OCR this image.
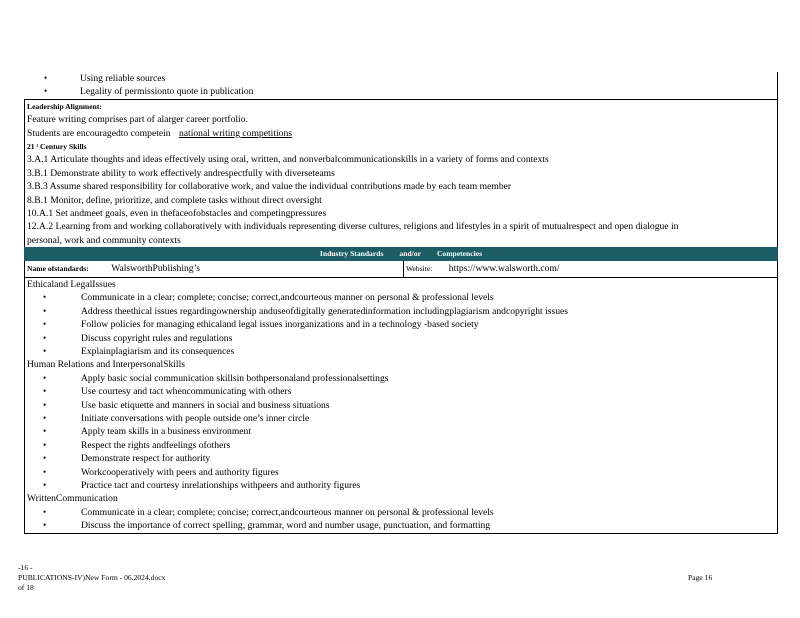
•	Using reliable sources
•	Legality of permissionto quote in publication
Leadership Alignment:
Feature writing comprises part of alarger career portfolio.
Students are encouragedto competein national writing competitions
21 ᵗ Century Skills
3.A.1 Articulate thoughts and ideas effectively using oral, written, and nonverbalcommunicationskills in a variety of forms and contexts
3.B.1 Demonstrate ability to work effectively andrespectfully with diverseteams
3.B.3 Assume shared responsibility for collaborative work, and value the individual contributions made by each team member
8.B.1 Monitor, define, prioritize, and complete tasks without direct oversight
10.A.1 Set andmeet goals, even in thefaceofobstacles and competingpressures
12.A.2 Learning from and working collaboratively with individuals representing diverse cultures, religions and lifestyles in a spirit of mutualrespect and open dialogue in
personal, work and community contexts
Industry Standards and/or Competencies
Name ofstandards: WalsworthPublishing’s	Website: https://www.walsworth.com/
Ethicaland LegalIssues
•	Communicate in a clear; complete; concise; correct,andcourteous manner on personal & professional levels
•	Address theethical issues regardingownership anduseofdigitally generatedinformation includingplagiarism andcopyright issues
•	Follow policies for managing ethicaland legal issues inorganizations and in a technology -based society
•	Discuss copyright rules and regulations
•	Explainplagiarism and its consequences
Human Relations and InterpersonalSkills
•	Apply basic social communication skillsin bothpersonaland professionalsettings
•	Use courtesy and tact whencommunicating with others
•	Use basic etiquette and manners in social and business situations
•	Initiate conversations with people outside one’s inner circle
•	Apply team skills in a business environment
•	Respect the rights andfeelings ofothers
•	Demonstrate respect for authority
•	Workcooperatively with peers and authority figures
•	Practice tact and courtesy inrelationships withpeers and authority figures
WrittenCommunication
•	Communicate in a clear; complete; concise; correct,andcourteous manner on personal & professional levels
•	Discuss the importance of correct spelling, grammar, word and number usage, punctuation, and formatting
-16 -
PUBLICATIONS-IV)New Form - 06.2024.docx
of 18
Page 16
